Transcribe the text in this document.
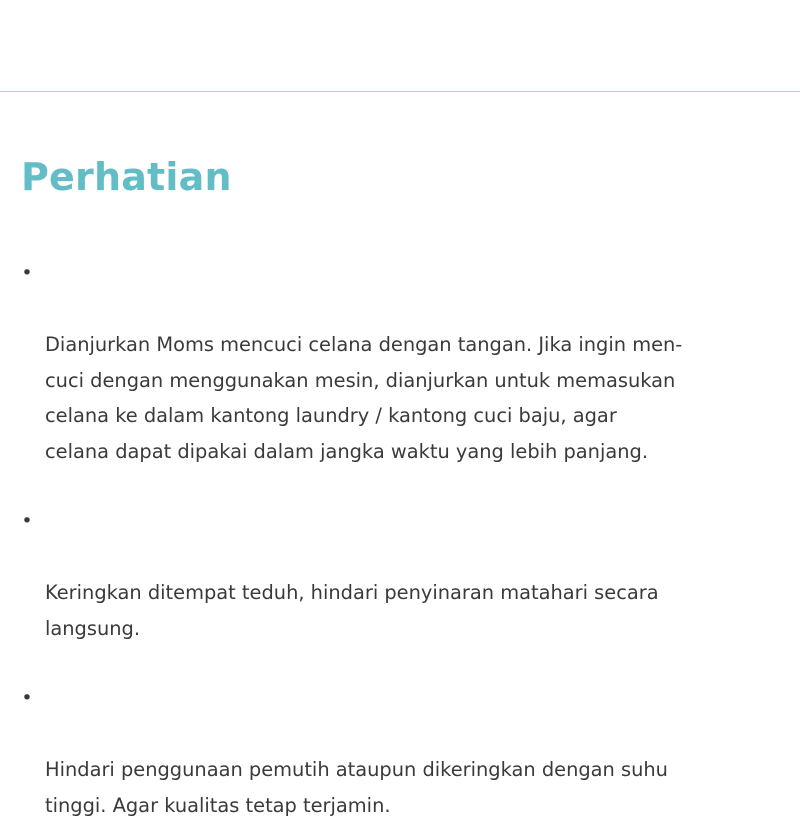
Perhatian

•

Dianjurkan Moms mencuci celana dengan tangan. Jika ingin men-
cuci dengan menggunakan mesin, dianjurkan untuk memasukan
celana ke dalam kantong laundry / kantong cuci baju, agar
celana dapat dipakai dalam jangka waktu yang lebih panjang.

•

Keringkan ditempat teduh, hindari penyinaran matahari secara
langsung.

•

Hindari penggunaan pemutih ataupun dikeringkan dengan suhu
tinggi. Agar kualitas tetap terjamin.
